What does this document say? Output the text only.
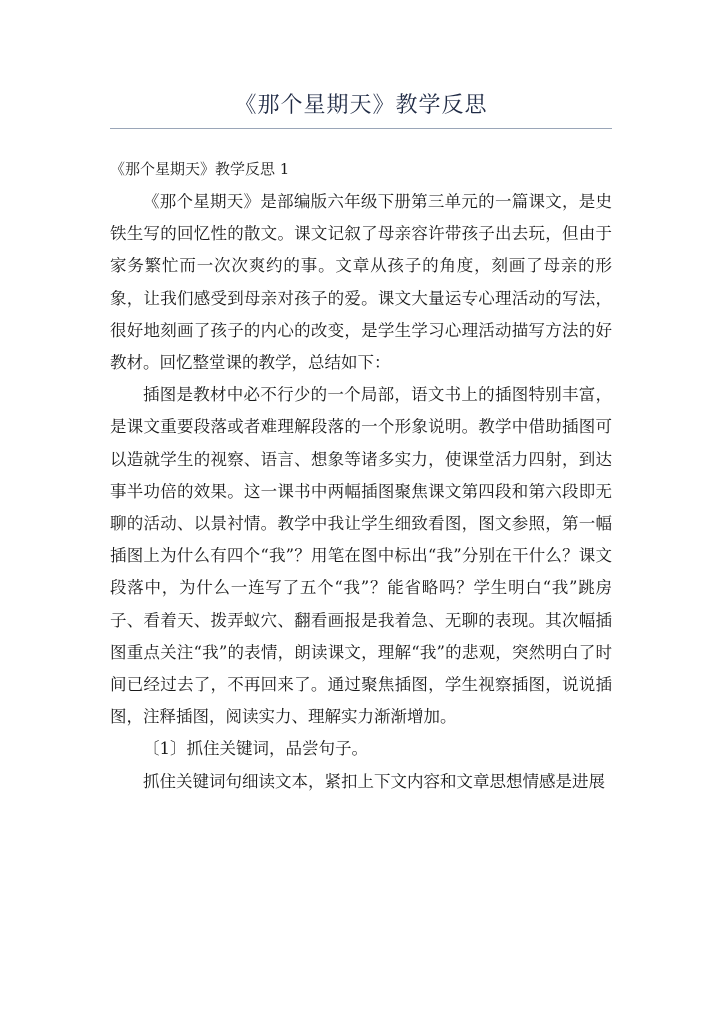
《那个星期天》教学反思
《那个星期天》教学反思 1

《那个星期天》是部编版六年级下册第三单元的一篇课文，是史铁生写的回忆性的散文。课文记叙了母亲容许带孩子出去玩，但由于家务繁忙而一次次爽约的事。文章从孩子的角度，刻画了母亲的形象，让我们感受到母亲对孩子的爱。课文大量运专心理活动的写法，很好地刻画了孩子的内心的改变，是学生学习心理活动描写方法的好教材。回忆整堂课的教学，总结如下：

插图是教材中必不行少的一个局部，语文书上的插图特别丰富，是课文重要段落或者难理解段落的一个形象说明。教学中借助插图可以造就学生的视察、语言、想象等诸多实力，使课堂活力四射，到达事半功倍的效果。这一课书中两幅插图聚焦课文第四段和第六段即无聊的活动、以景衬情。教学中我让学生细致看图，图文参照，第一幅插图上为什么有四个“我”？用笔在图中标出“我”分别在干什么？课文段落中，为什么一连写了五个“我”？能省略吗？学生明白“我”跳房子、看着天、拨弄蚁穴、翻看画报是我着急、无聊的表现。其次幅插图重点关注“我”的表情，朗读课文，理解“我”的悲观，突然明白了时间已经过去了，不再回来了。通过聚焦插图，学生视察插图，说说插图，注释插图，阅读实力、理解实力渐渐增加。

〔1〕抓住关键词，品尝句子。

抓住关键词句细读文本，紧扣上下文内容和文章思想情感是进展
